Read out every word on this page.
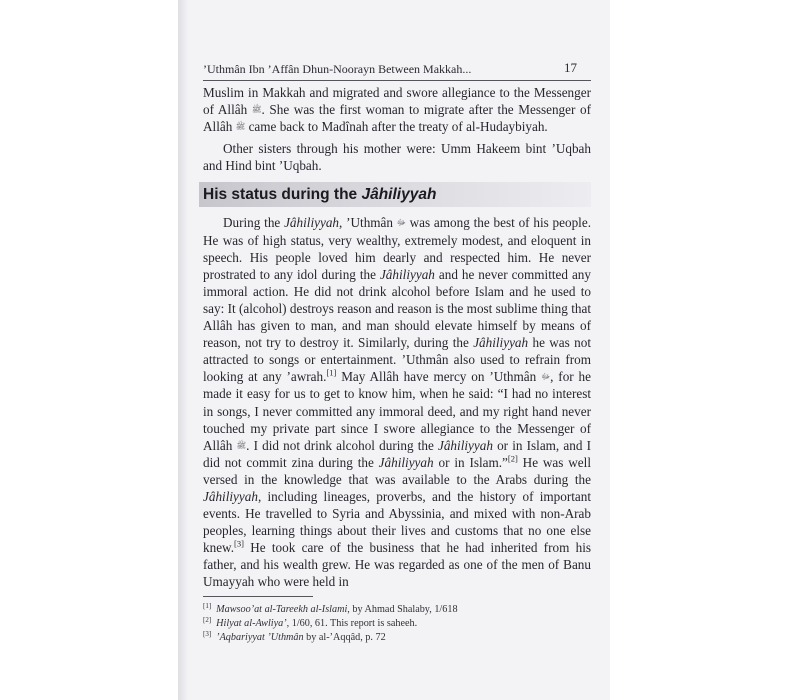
’Uthmân Ibn ’Affân Dhun-Noorayn Between Makkah...	17

Muslim in Makkah and migrated and swore allegiance to the Messenger of Allâh ﷺ. She was the first woman to migrate after the Messenger of Allâh ﷺ came back to Madînah after the treaty of al-Hudaybiyah.

Other sisters through his mother were: Umm Hakeem bint ’Uqbah and Hind bint ’Uqbah.

His status during the Jâhiliyyah

During the Jâhiliyyah, ’Uthmân ﷻ was among the best of his people. He was of high status, very wealthy, extremely modest, and eloquent in speech. His people loved him dearly and respected him. He never prostrated to any idol during the Jâhiliyyah and he never committed any immoral action. He did not drink alcohol before Islam and he used to say: It (alcohol) destroys reason and reason is the most sublime thing that Allâh has given to man, and man should elevate himself by means of reason, not try to destroy it. Similarly, during the Jâhiliyyah he was not attracted to songs or entertainment. ’Uthmân also used to refrain from looking at any ’awrah.[1] May Allâh have mercy on ’Uthmân ﷻ, for he made it easy for us to get to know him, when he said: “I had no interest in songs, I never committed any immoral deed, and my right hand never touched my private part since I swore allegiance to the Messenger of Allâh ﷺ. I did not drink alcohol during the Jâhiliyyah or in Islam, and I did not commit zina during the Jâhiliyyah or in Islam.”[2] He was well versed in the knowledge that was available to the Arabs during the Jâhiliyyah, including lineages, proverbs, and the history of important events. He travelled to Syria and Abyssinia, and mixed with non-Arab peoples, learning things about their lives and customs that no one else knew.[3] He took care of the business that he had inherited from his father, and his wealth grew. He was regarded as one of the men of Banu Umayyah who were held in

[1] Mawsoo’at al-Tareekh al-Islami, by Ahmad Shalaby, 1/618
[2] Hilyat al-Awliya’, 1/60, 61. This report is saheeh.
[3] ’Aqbariyyat ’Uthmân by al-’Aqqâd, p. 72
